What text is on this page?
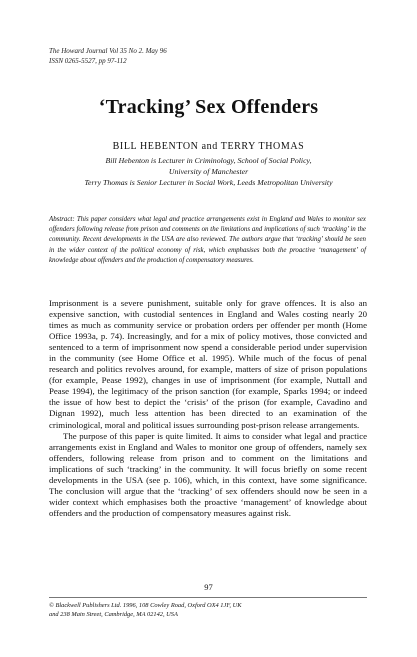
The Howard Journal Vol 35 No 2. May 96
ISSN 0265-5527, pp 97-112
‘Tracking’ Sex Offenders
BILL HEBENTON and TERRY THOMAS
Bill Hebenton is Lecturer in Criminology, School of Social Policy,
University of Manchester
Terry Thomas is Senior Lecturer in Social Work, Leeds Metropolitan University
Abstract: This paper considers what legal and practice arrangements exist in England and Wales to monitor sex offenders following release from prison and comments on the limitations and implications of such ‘tracking’ in the community. Recent developments in the USA are also reviewed. The authors argue that ‘tracking’ should be seen in the wider context of the political economy of risk, which emphasises both the proactive ‘management’ of knowledge about offenders and the production of compensatory measures.

Imprisonment is a severe punishment, suitable only for grave offences. It is also an expensive sanction, with custodial sentences in England and Wales costing nearly 20 times as much as community service or probation orders per offender per month (Home Office 1993a, p. 74). Increasingly, and for a mix of policy motives, those convicted and sentenced to a term of imprisonment now spend a considerable period under supervision in the community (see Home Office et al. 1995). While much of the focus of penal research and politics revolves around, for example, matters of size of prison populations (for example, Pease 1992), changes in use of imprisonment (for example, Nuttall and Pease 1994), the legitimacy of the prison sanction (for example, Sparks 1994; or indeed the issue of how best to depict the ‘crisis’ of the prison (for example, Cavadino and Dignan 1992), much less attention has been directed to an examination of the criminological, moral and political issues surrounding post-prison release arrangements.

The purpose of this paper is quite limited. It aims to consider what legal and practice arrangements exist in England and Wales to monitor one group of offenders, namely sex offenders, following release from prison and to comment on the limitations and implications of such ‘tracking’ in the community. It will focus briefly on some recent developments in the USA (see p. 106), which, in this context, have some significance. The conclusion will argue that the ‘tracking’ of sex offenders should now be seen in a wider context which emphasises both the proactive ‘management’ of knowledge about offenders and the production of compensatory measures against risk.

97
© Blackwell Publishers Ltd. 1996, 108 Cowley Road, Oxford OX4 1JF, UK
and 238 Main Street, Cambridge, MA 02142, USA
